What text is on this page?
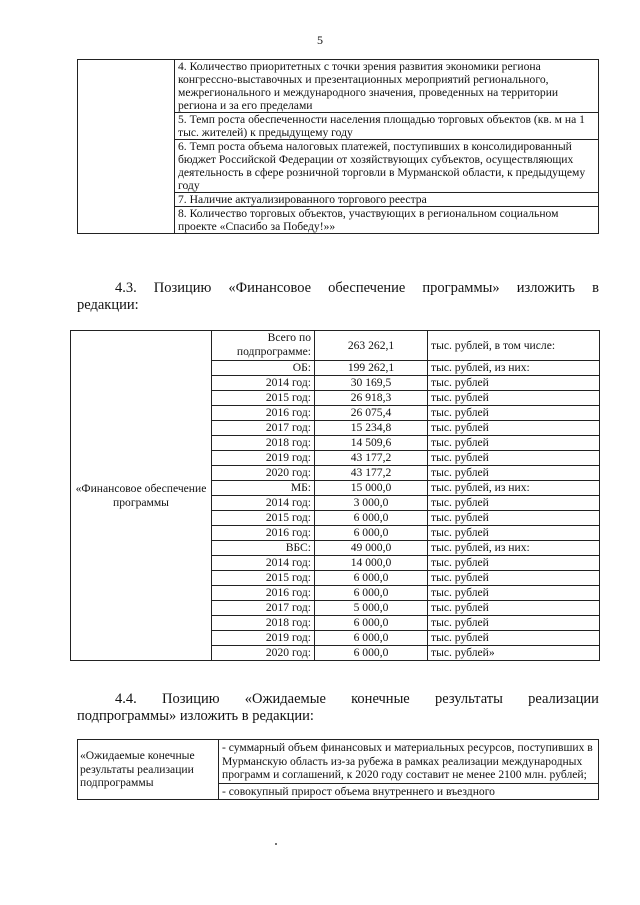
5
	4. Количество приоритетных с точки зрения развития экономики региона конгрессно-выставочных и презентационных мероприятий регионального, межрегионального и международного значения, проведенных на территории региона и за его пределами
5. Темп роста обеспеченности населения площадью торговых объектов (кв. м на 1 тыс. жителей) к предыдущему году
6. Темп роста объема налоговых платежей, поступивших в консолидированный бюджет Российской Федерации от хозяйствующих субъектов, осуществляющих деятельность в сфере розничной торговли в Мурманской области, к предыдущему году
7. Наличие актуализированного торгового реестра
8. Количество торговых объектов, участвующих в региональном социальном проекте «Спасибо за Победу!»»
4.3. Позицию «Финансовое обеспечение программы» изложить в
редакции:
«Финансовое обеспечение программы	Всего по подпрограмме:	263 262,1	тыс. рублей, в том числе:
	ОБ:	199 262,1	тыс. рублей, из них:
	2014 год:	30 169,5	тыс. рублей
	2015 год:	26 918,3	тыс. рублей
	2016 год:	26 075,4	тыс. рублей
	2017 год:	15 234,8	тыс. рублей
	2018 год:	14 509,6	тыс. рублей
	2019 год:	43 177,2	тыс. рублей
	2020 год:	43 177,2	тыс. рублей
	МБ:	15 000,0	тыс. рублей, из них:
	2014 год:	3 000,0	тыс. рублей
	2015 год:	6 000,0	тыс. рублей
	2016 год:	6 000,0	тыс. рублей
	ВБС:	49 000,0	тыс. рублей, из них:
	2014 год:	14 000,0	тыс. рублей
	2015 год:	6 000,0	тыс. рублей
	2016 год:	6 000,0	тыс. рублей
	2017 год:	5 000,0	тыс. рублей
	2018 год:	6 000,0	тыс. рублей
	2019 год:	6 000,0	тыс. рублей
	2020 год:	6 000,0	тыс. рублей»
4.4. Позицию «Ожидаемые конечные результаты реализации
подпрограммы» изложить в редакции:
«Ожидаемые конечные результаты реализации подпрограммы	- суммарный объем финансовых и материальных ресурсов, поступивших в Мурманскую область из-за рубежа в рамках реализации международных программ и соглашений, к 2020 году составит не менее 2100 млн. рублей;
- совокупный прирост объема внутреннего и въездного
